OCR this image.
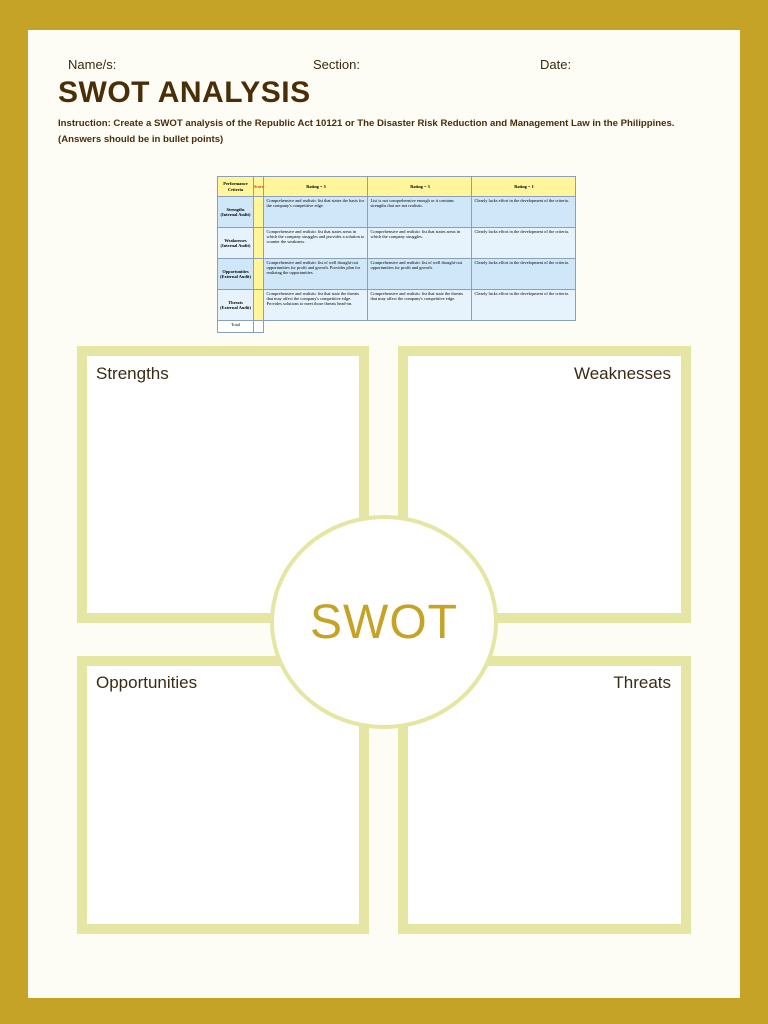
Name/s:	Section:	Date:
SWOT ANALYSIS
Instruction: Create a SWOT analysis of the Republic Act 10121 or The Disaster Risk Reduction and Management Law in the Philippines. (Answers should be in bullet points)
Performance Criteria	Score	Rating = 5	Rating = 3	Rating = 1
Strengths (Internal Audit)		Comprehensive and realistic list that states the basis for the company's competitive edge.	List is not comprehensive enough or it contains strengths that are not realistic.	Clearly lacks effort in the development of the criteria.
Weaknesses (Internal Audit)		Comprehensive and realistic list that states areas in which the company struggles and provides a solution to counter the weakness.	Comprehensive and realistic list that states areas in which the company struggles.	Clearly lacks effort in the development of the criteria.
Opportunities (External Audit)		Comprehensive and realistic list of well thought-out opportunities for profit and growth. Provides plan for realizing the opportunities.	Comprehensive and realistic list of well thought-out opportunities for profit and growth.	Clearly lacks effort in the development of the criteria.
Threats (External Audit)		Comprehensive and realistic list that state the threats that may affect the company's competitive edge. Provides solutions to meet those threats head-on.	Comprehensive and realistic list that state the threats that may affect the company's competitive edge.	Clearly lacks effort in the development of the criteria.
Total				
Strengths	Weaknesses
Opportunities	Threats
SWOT
